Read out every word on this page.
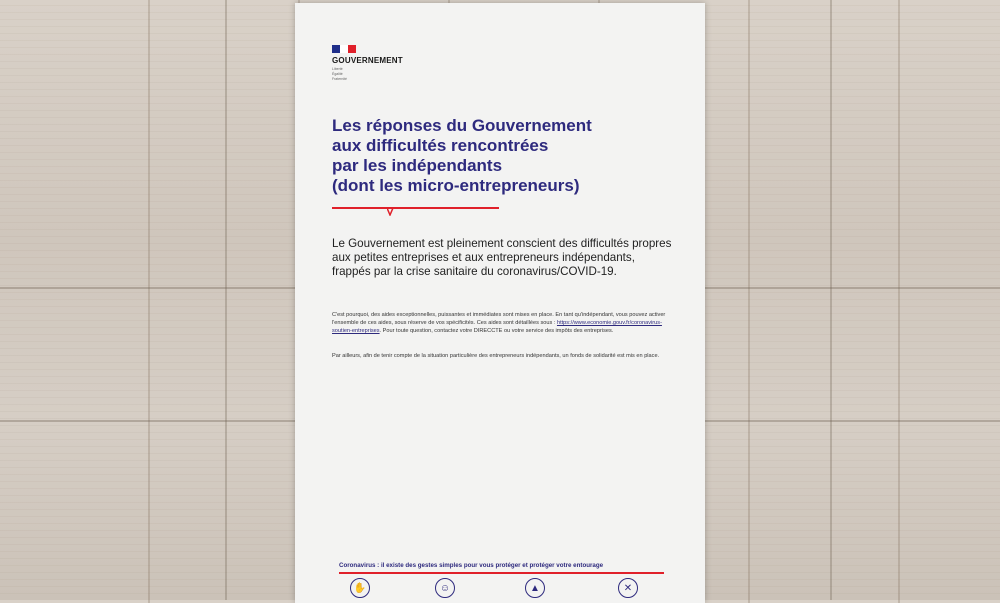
GOUVERNEMENT
Liberté
Égalité
Fraternité
Les réponses du Gouvernement
aux difficultés rencontrées
par les indépendants
(dont les micro-entrepreneurs)
Le Gouvernement est pleinement conscient des difficultés propres aux petites entreprises et aux entrepreneurs indépendants, frappés par la crise sanitaire du coronavirus/COVID-19.
C'est pourquoi, des aides exceptionnelles, puissantes et immédiates sont mises en place. En tant qu'indépendant, vous pouvez activer l'ensemble de ces aides, sous réserve de vos spécificités. Ces aides sont détaillées sous : https://www.economie.gouv.fr/coronavirus-soutien-entreprises. Pour toute question, contactez votre DIRECCTE ou votre service des impôts des entreprises.
Par ailleurs, afin de tenir compte de la situation particulière des entrepreneurs indépendants, un fonds de solidarité est mis en place.
Coronavirus : il existe des gestes simples pour vous protéger et protéger votre entourage
✋	☺	▲	✕
